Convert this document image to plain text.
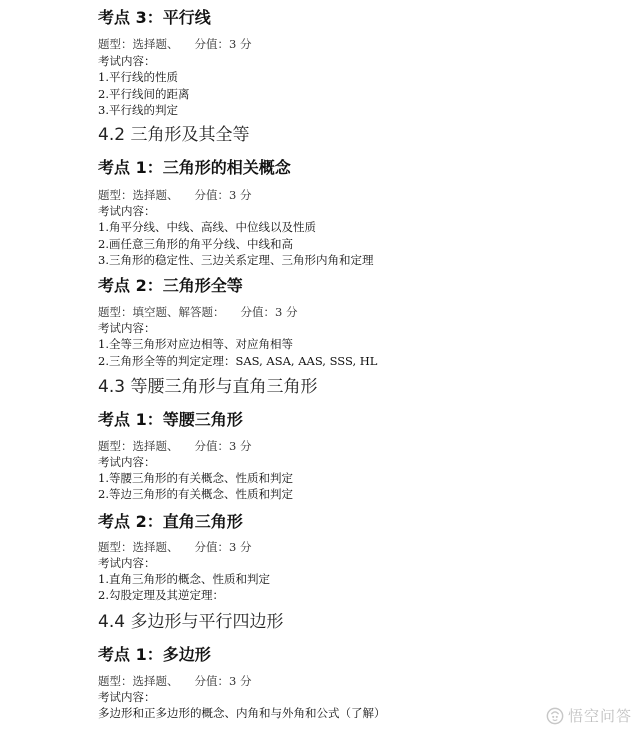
考点 3：平行线
题型：选择题、 分值：3 分
考试内容：
1.平行线的性质
2.平行线间的距离
3.平行线的判定
4.2 三角形及其全等
考点 1：三角形的相关概念
题型：选择题、 分值：3 分
考试内容：
1.角平分线、中线、高线、中位线以及性质
2.画任意三角形的角平分线、中线和高
3.三角形的稳定性、三边关系定理、三角形内角和定理
考点 2：三角形全等
题型：填空题、解答题： 分值：3 分
考试内容：
1.全等三角形对应边相等、对应角相等
2.三角形全等的判定定理：SAS, ASA, AAS, SSS, HL
4.3 等腰三角形与直角三角形
考点 1：等腰三角形
题型：选择题、 分值：3 分
考试内容：
1.等腰三角形的有关概念、性质和判定
2.等边三角形的有关概念、性质和判定
考点 2：直角三角形
题型：选择题、 分值：3 分
考试内容：
1.直角三角形的概念、性质和判定
2.勾股定理及其逆定理：
4.4 多边形与平行四边形
考点 1：多边形
题型：选择题、 分值：3 分
考试内容：
多边形和正多边形的概念、内角和与外角和公式（了解）	悟空问答
